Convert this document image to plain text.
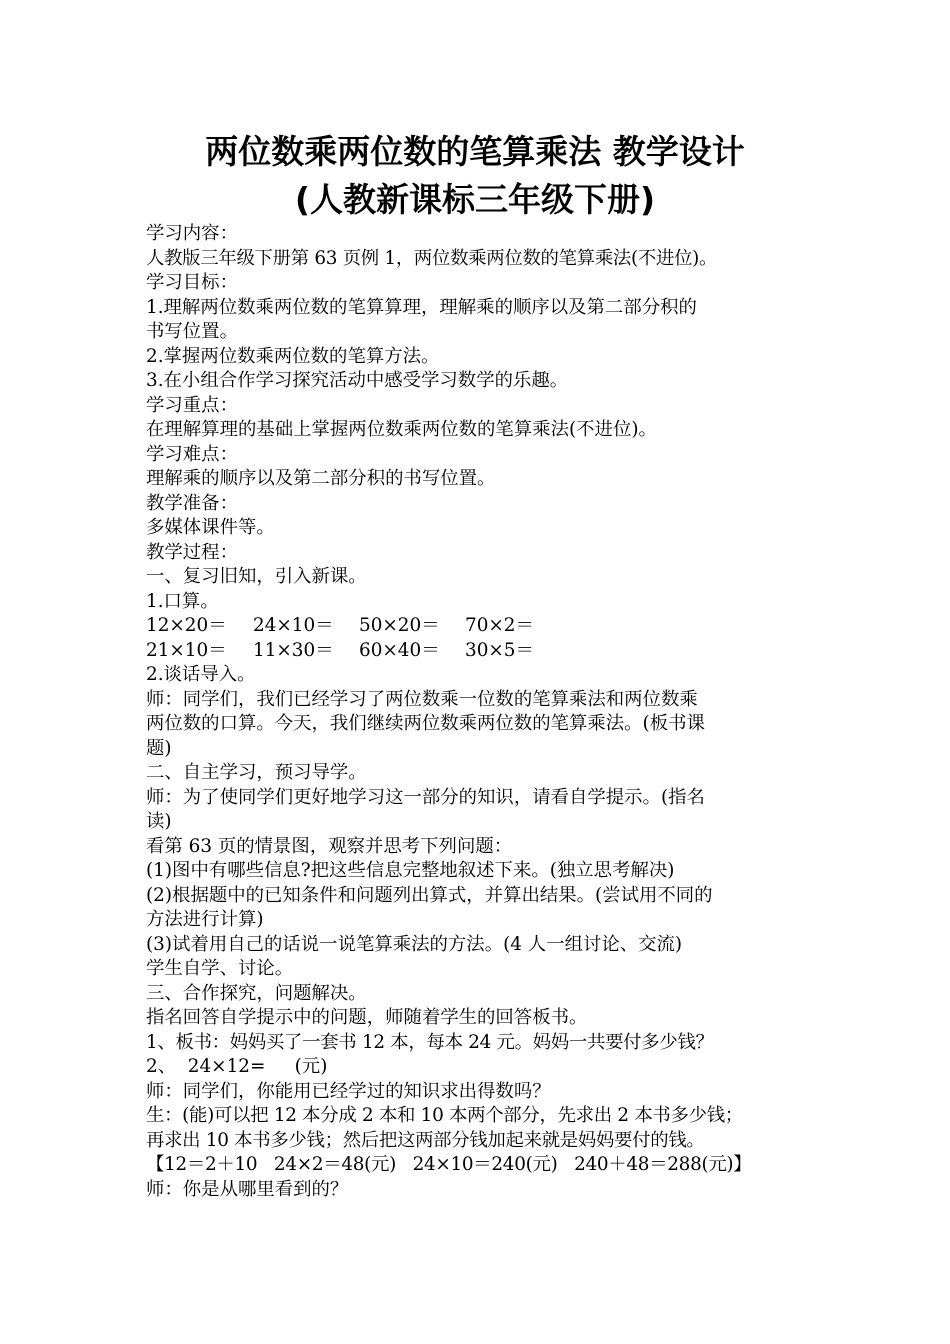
两位数乘两位数的笔算乘法 教学设计
(人教新课标三年级下册)
学习内容：
人教版三年级下册第 63 页例 1，两位数乘两位数的笔算乘法(不进位)。
学习目标：
1.理解两位数乘两位数的笔算算理，理解乘的顺序以及第二部分积的
书写位置。
2.掌握两位数乘两位数的笔算方法。
3.在小组合作学习探究活动中感受学习数学的乐趣。
学习重点：
在理解算理的基础上掌握两位数乘两位数的笔算乘法(不进位)。
学习难点：
理解乘的顺序以及第二部分积的书写位置。
教学准备：
多媒体课件等。
教学过程：
一、复习旧知，引入新课。
1.口算。
12×20＝ 24×10＝ 50×20＝ 70×2＝
21×10＝ 11×30＝ 60×40＝ 30×5＝
2.谈话导入。
师：同学们，我们已经学习了两位数乘一位数的笔算乘法和两位数乘
两位数的口算。今天，我们继续两位数乘两位数的笔算乘法。(板书课
题)
二、自主学习，预习导学。
师：为了使同学们更好地学习这一部分的知识，请看自学提示。(指名
读)
看第 63 页的情景图，观察并思考下列问题：
(1)图中有哪些信息?把这些信息完整地叙述下来。(独立思考解决)
(2)根据题中的已知条件和问题列出算式，并算出结果。(尝试用不同的
方法进行计算)
(3)试着用自己的话说一说笔算乘法的方法。(4 人一组讨论、交流)
学生自学、讨论。
三、合作探究，问题解决。
指名回答自学提示中的问题，师随着学生的回答板书。
1、板书：妈妈买了一套书 12 本，每本 24 元。妈妈一共要付多少钱？
2、  24×12=     (元)
师：同学们，你能用已经学过的知识求出得数吗？
生：(能)可以把 12 本分成 2 本和 10 本两个部分，先求出 2 本书多少钱；
再求出 10 本书多少钱；然后把这两部分钱加起来就是妈妈要付的钱。
【12＝2＋10   24×2＝48(元)   24×10＝240(元)   240＋48＝288(元)】
师：你是从哪里看到的？
